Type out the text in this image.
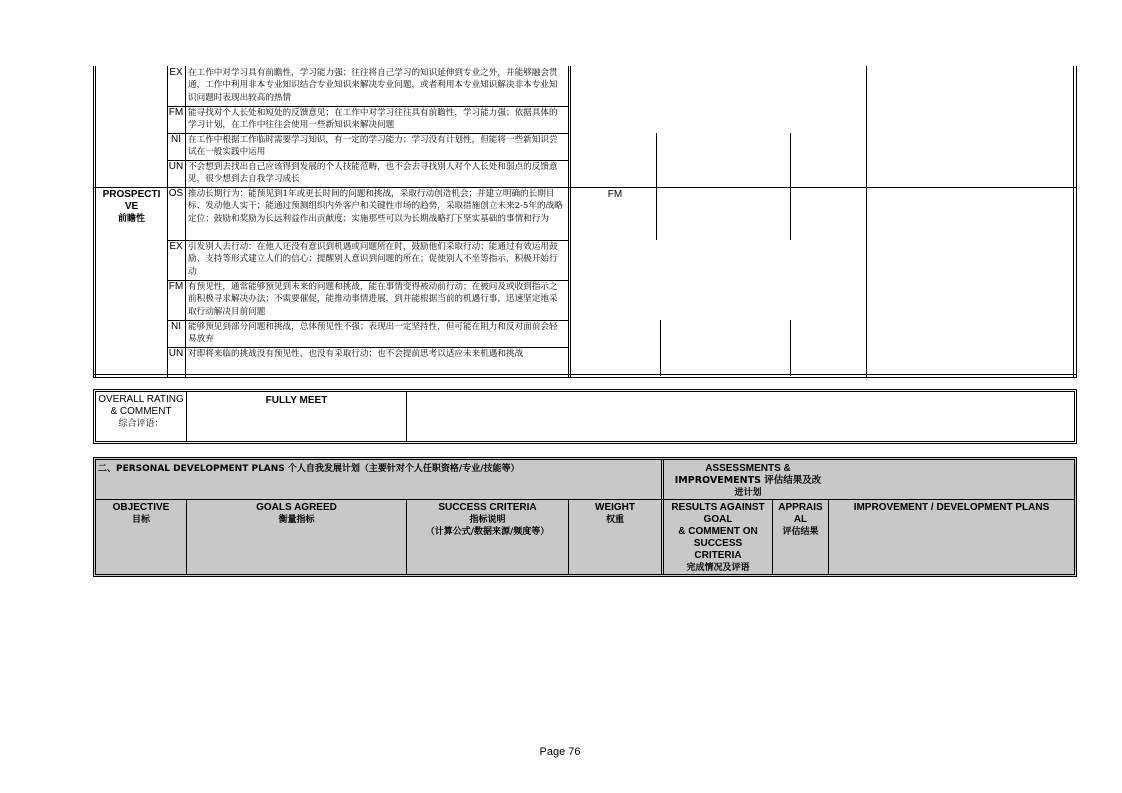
EX 在工作中对学习具有前瞻性，学习能力强；往往将自己学习的知识延伸到专业之外，并能够融会贯通，工作中利用非本专业知识结合专业知识来解决专业问题，或者利用本专业知识解决非本专业知识问题时表现出较高的热情
FM 能寻找对个人长处和短处的反馈意见；在工作中对学习往往具有前瞻性，学习能力强；依据具体的学习计划，在工作中往往会使用一些新知识来解决问题
NI 在工作中根据工作临时需要学习知识，有一定的学习能力；学习没有计划性，但能将一些新知识尝试在一般实践中运用
UN 不会想到去找出自己应该得到发展的个人技能范畴，也不会去寻找别人对个人长处和弱点的反馈意见，很少想到去自我学习成长
PROSPECTI
VE
前瞻性
FM
OS 推动长期行为：能预见到1年或更长时间的问题和挑战，采取行动创造机会；并建立明确的长期目标、发动他人实干；能通过预测组织内外客户和关键性市场的趋势，采取措施创立未来2-5年的战略定位；鼓励和奖励为长远利益作出贡献度；实施那些可以为长期战略打下坚实基础的事情和行为
EX 引发别人去行动：在他人还没有意识到机遇或问题所在时，鼓励他们采取行动；能通过有效运用鼓励、支持等形式建立人们的信心；提醒别人意识到问题的所在；促使别人不坐等指示，积极开始行动
FM 有预见性，通常能够预见到未来的问题和挑战，能在事情变得被动前行动；在被问及或收到指示之前积极寻求解决办法；不需要催促，能推动事情进展，到并能根据当前的机遇行事，迅速坚定地采取行动解决目前问题
NI 能够预见到部分问题和挑战，总体预见性不强；表现出一定坚持性，但可能在阻力和反对面前会轻易放弃
UN 对即将来临的挑战没有预见性，也没有采取行动；也不会提前思考以适应未来机遇和挑战
OVERALL RATING
& COMMENT
综合评语：
FULLY MEET
二、PERSONAL DEVELOPMENT PLANS 个人自我发展计划（主要针对个人任职资格/专业/技能等）	ASSESSMENTS &
IMPROVEMENTS 评估结果及改
进计划
OBJECTIVE
目标
GOALS AGREED
衡量指标
SUCCESS CRITERIA
指标说明
（计算公式/数据来源/频度等）
WEIGHT
权重
RESULTS AGAINST
GOAL
& COMMENT ON
SUCCESS
CRITERIA
完成情况及评语
APPRAIS
AL
评估结果
IMPROVEMENT / DEVELOPMENT PLANS
Page 76
